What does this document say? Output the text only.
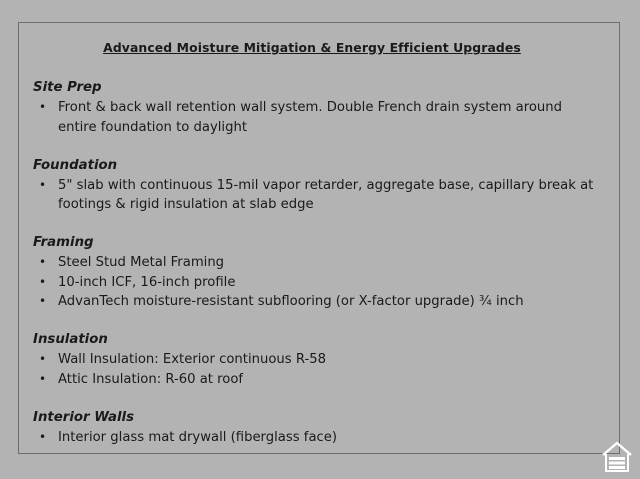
Advanced Moisture Mitigation & Energy Efficient Upgrades
Site Prep
• Front & back wall retention wall system. Double French drain system around entire foundation to daylight
Foundation
• 5" slab with continuous 15-mil vapor retarder, aggregate base, capillary break at footings & rigid insulation at slab edge
Framing
• Steel Stud Metal Framing
• 10-inch ICF, 16-inch profile
• AdvanTech moisture-resistant subflooring (or X-factor upgrade) ¾ inch
Insulation
• Wall Insulation: Exterior continuous R-58
• Attic Insulation: R-60 at roof
Interior Walls
• Interior glass mat drywall (fiberglass face)
